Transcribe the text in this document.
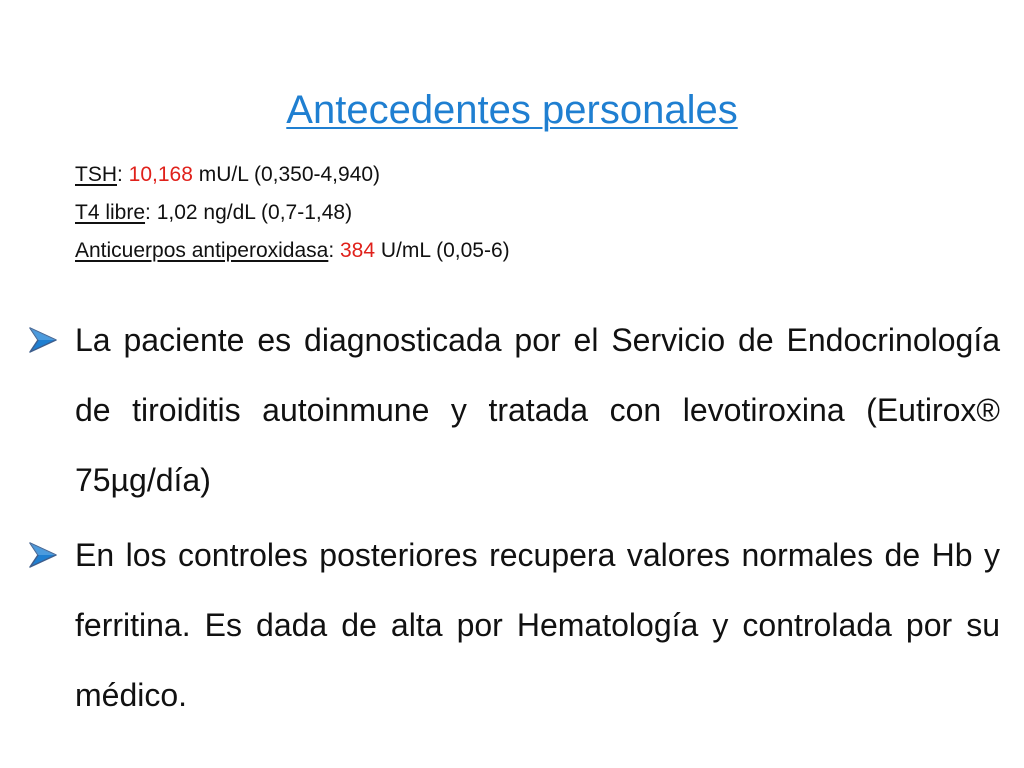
Antecedentes personales
TSH: 10,168 mU/L (0,350-4,940)
T4 libre: 1,02 ng/dL (0,7-1,48)
Anticuerpos antiperoxidasa: 384 U/mL (0,05-6)
La paciente es diagnosticada por el Servicio de Endocrinología de tiroiditis autoinmune y tratada con levotiroxina (Eutirox® 75µg/día)
En los controles posteriores recupera valores normales de Hb y ferritina. Es dada de alta por Hematología y controlada por su médico.
